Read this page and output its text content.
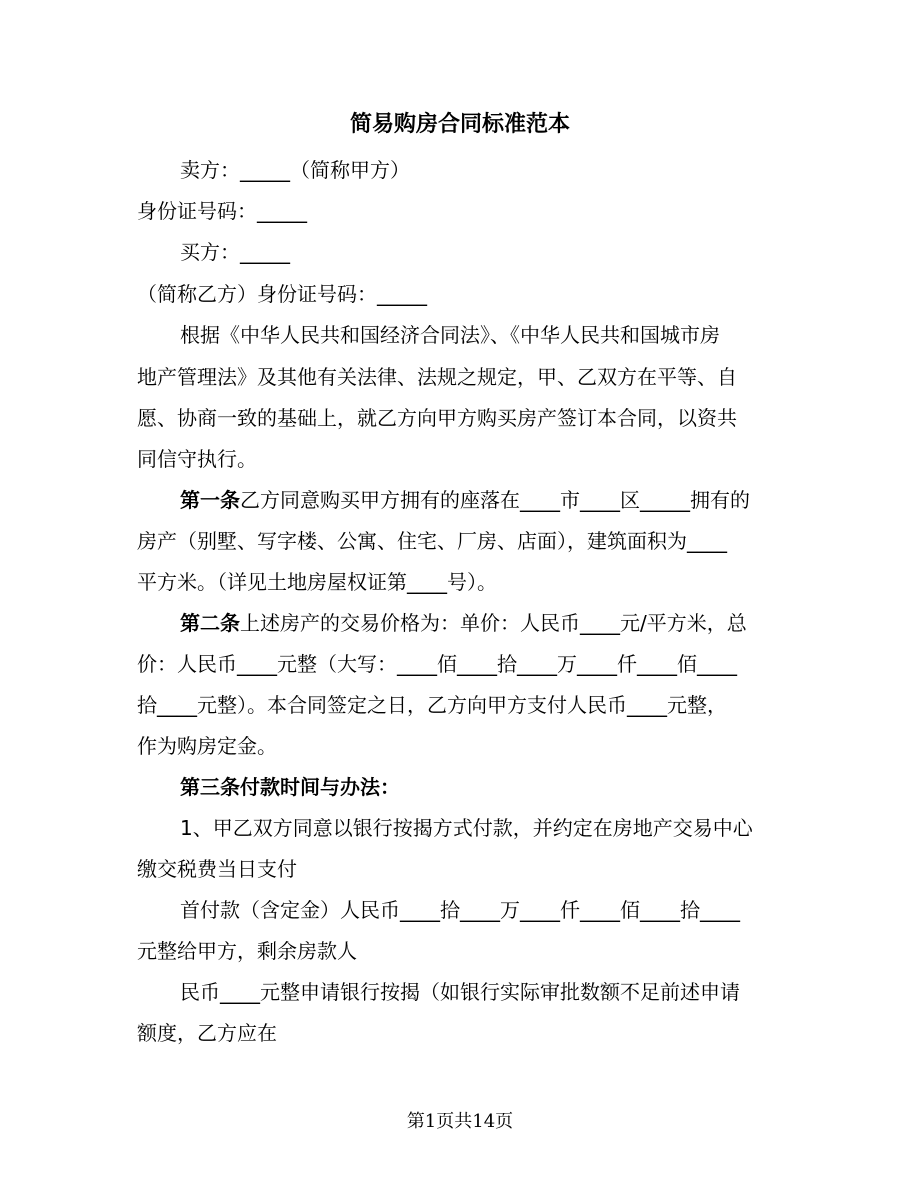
简易购房合同标准范本
卖方：_____（简称甲方）
身份证号码：_____
买方：_____
（简称乙方）身份证号码：_____
根据《中华人民共和国经济合同法》、《中华人民共和国城市房
地产管理法》及其他有关法律、法规之规定，甲、乙双方在平等、自
愿、协商一致的基础上，就乙方向甲方购买房产签订本合同，以资共
同信守执行。
第一条乙方同意购买甲方拥有的座落在____市____区_____拥有的
房产（别墅、写字楼、公寓、住宅、厂房、店面），建筑面积为____
平方米。（详见土地房屋权证第____号）。
第二条上述房产的交易价格为：单价：人民币____元/平方米，总
价：人民币____元整（大写：____佰____拾____万____仟____佰____
拾____元整）。本合同签定之日，乙方向甲方支付人民币____元整，
作为购房定金。
第三条付款时间与办法：
1、甲乙双方同意以银行按揭方式付款，并约定在房地产交易中心
缴交税费当日支付
首付款（含定金）人民币____拾____万____仟____佰____拾____
元整给甲方，剩余房款人
民币____元整申请银行按揭（如银行实际审批数额不足前述申请
额度，乙方应在
第1页共14页
